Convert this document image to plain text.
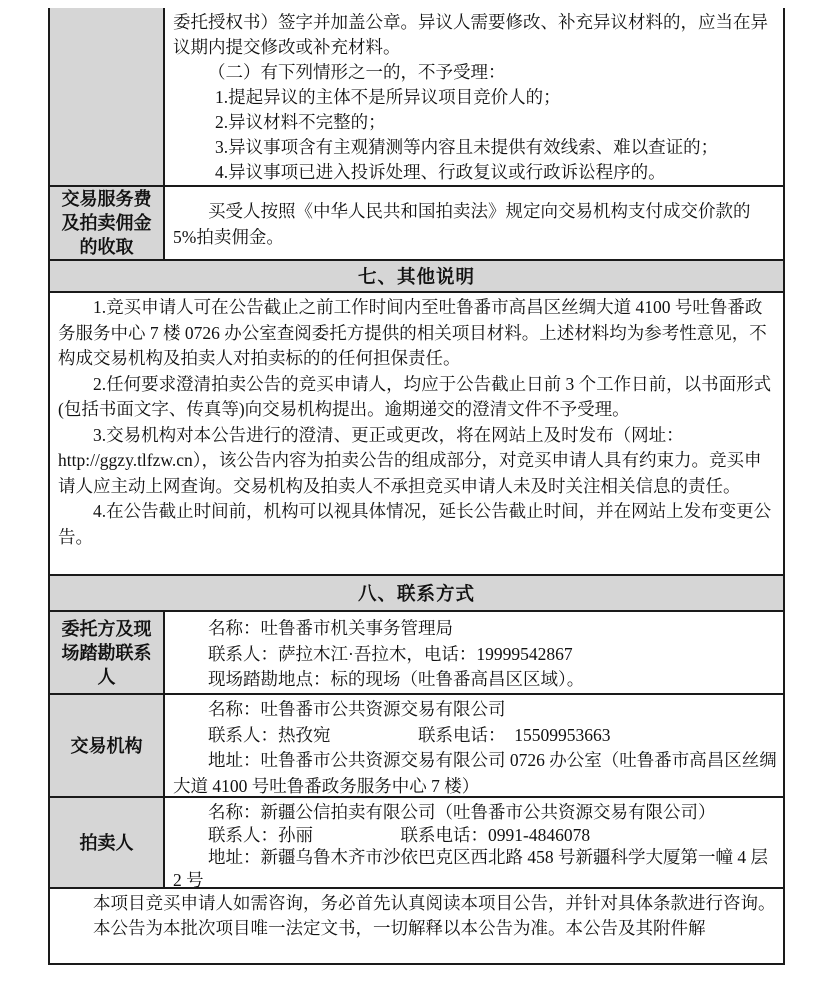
委托授权书）签字并加盖公章。异议人需要修改、补充异议材料的，应当在异议期内提交修改或补充材料。

（二）有下列情形之一的，不予受理：

1.提起异议的主体不是所异议项目竞价人的；

2.异议材料不完整的；

3.异议事项含有主观猜测等内容且未提供有效线索、难以查证的；

4.异议事项已进入投诉处理、行政复议或行政诉讼程序的。

交易服务费及拍卖佣金的收取

买受人按照《中华人民共和国拍卖法》规定向交易机构支付成交价款的 5%拍卖佣金。

七、其他说明

1.竞买申请人可在公告截止之前工作时间内至吐鲁番市高昌区丝绸大道 4100 号吐鲁番政务服务中心 7 楼 0726 办公室查阅委托方提供的相关项目材料。上述材料均为参考性意见，不构成交易机构及拍卖人对拍卖标的的任何担保责任。

2.任何要求澄清拍卖公告的竞买申请人，均应于公告截止日前 3 个工作日前，以书面形式(包括书面文字、传真等)向交易机构提出。逾期递交的澄清文件不予受理。

3.交易机构对本公告进行的澄清、更正或更改，将在网站上及时发布（网址：http://ggzy.tlfzw.cn），该公告内容为拍卖公告的组成部分，对竞买申请人具有约束力。竞买申请人应主动上网查询。交易机构及拍卖人不承担竞买申请人未及时关注相关信息的责任。

4.在公告截止时间前，机构可以视具体情况，延长公告截止时间，并在网站上发布变更公告。

八、联系方式
委托方及现场踏勘联系人

名称：吐鲁番市机关事务管理局

联系人：萨拉木江·吾拉木，电话：19999542867

现场踏勘地点：标的现场（吐鲁番高昌区区域）。

交易机构

名称：吐鲁番市公共资源交易有限公司

联系人：热孜宛　　　　　联系电话：　15509953663

地址：吐鲁番市公共资源交易有限公司 0726 办公室（吐鲁番市高昌区丝绸大道 4100 号吐鲁番政务服务中心 7 楼）

拍卖人

名称：新疆公信拍卖有限公司（吐鲁番市公共资源交易有限公司）

联系人：孙丽　　　　　联系电话：0991-4846078

地址：新疆乌鲁木齐市沙依巴克区西北路 458 号新疆科学大厦第一幢 4 层 2 号

本项目竞买申请人如需咨询，务必首先认真阅读本项目公告，并针对具体条款进行咨询。

本公告为本批次项目唯一法定文书，一切解释以本公告为准。本公告及其附件解
